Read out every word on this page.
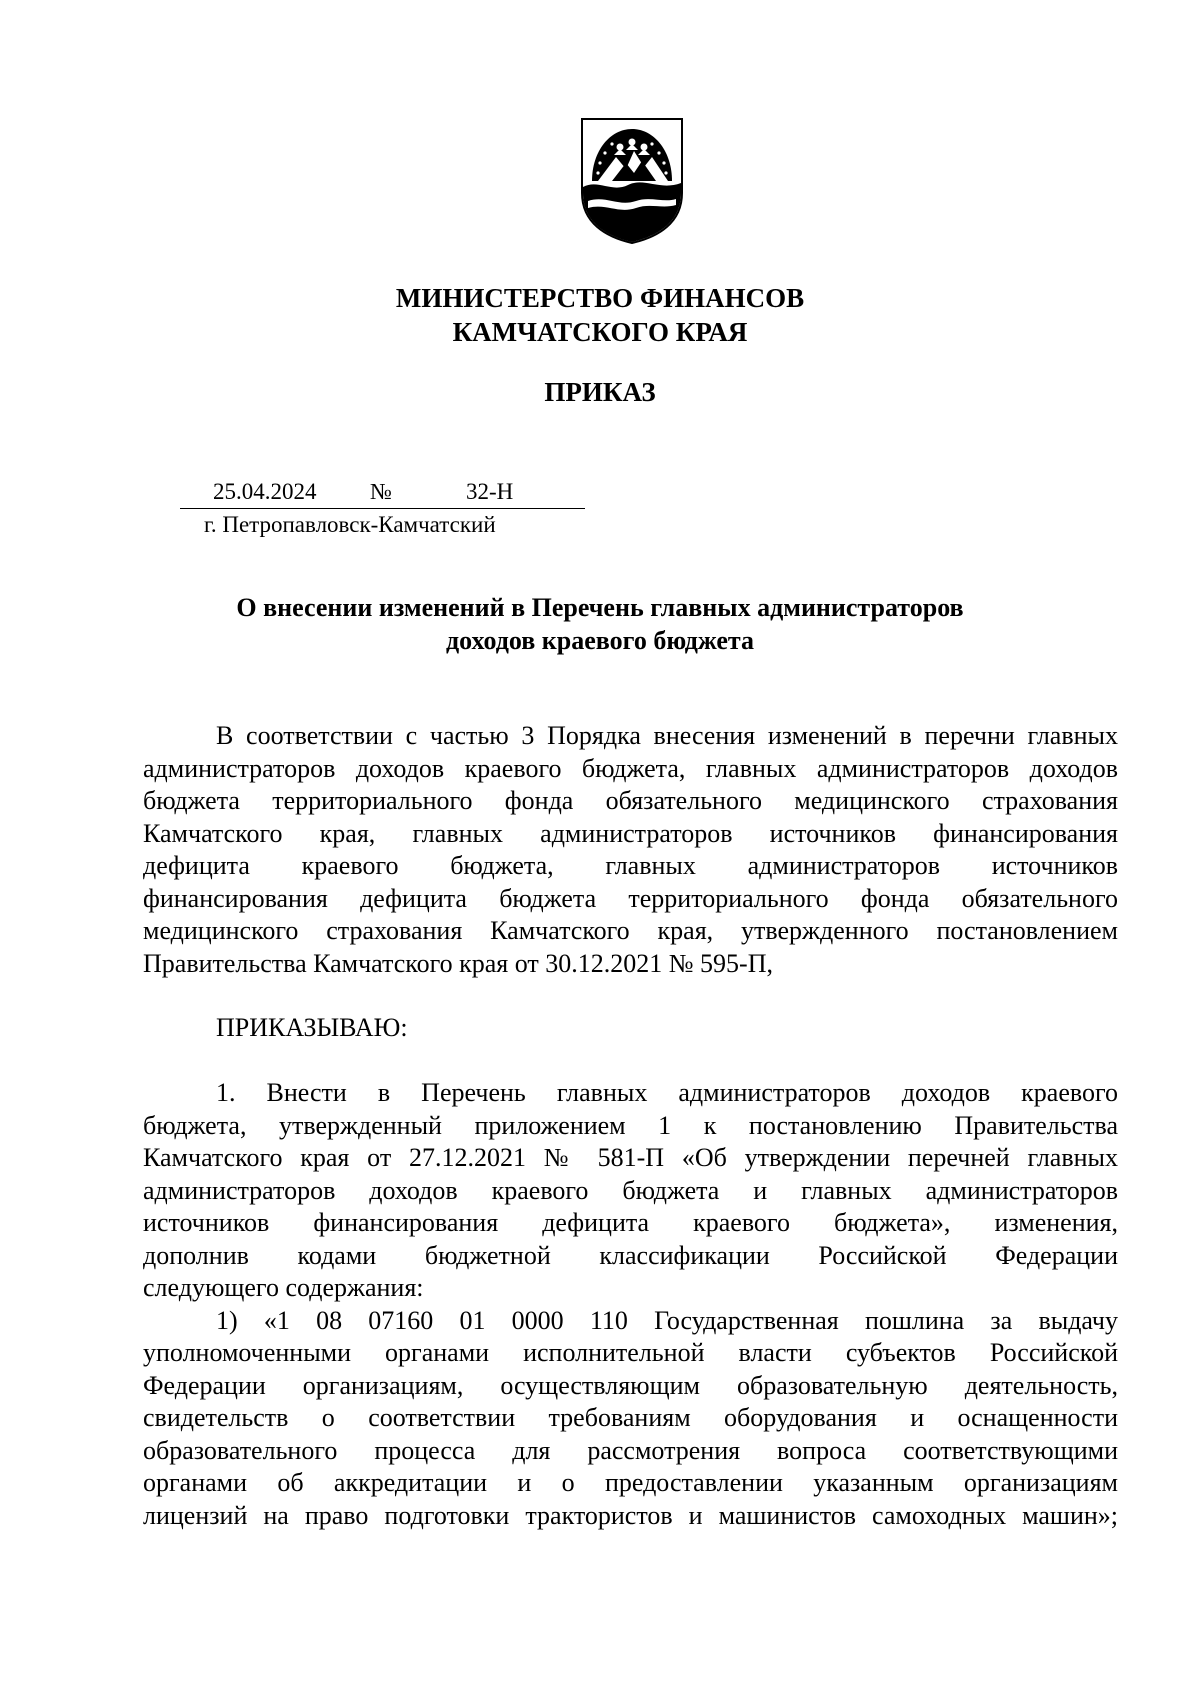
МИНИСТЕРСТВО ФИНАНСОВ
КАМЧАТСКОГО КРАЯ
ПРИКАЗ
25.04.2024 №	32-Н
г. Петропавловск-Камчатский
О внесении изменений в Перечень главных администраторов
доходов краевого бюджета
В соответствии с частью 3 Порядка внесения изменений в перечни главных
администраторов доходов краевого бюджета, главных администраторов доходов
бюджета территориального фонда обязательного медицинского страхования
Камчатского края, главных администраторов источников финансирования
дефицита краевого бюджета, главных администраторов источников
финансирования дефицита бюджета территориального фонда обязательного
медицинского страхования Камчатского края, утвержденного постановлением
Правительства Камчатского края от 30.12.2021 № 595-П,
ПРИКАЗЫВАЮ:
1. Внести в Перечень главных администраторов доходов краевого
бюджета, утвержденный приложением 1 к постановлению Правительства
Камчатского края от 27.12.2021 № 581-П «Об утверждении перечней главных
администраторов доходов краевого бюджета и главных администраторов
источников финансирования дефицита краевого бюджета», изменения,
дополнив кодами бюджетной классификации Российской Федерации
следующего содержания:
1) «1 08 07160 01 0000 110 Государственная пошлина за выдачу
уполномоченными органами исполнительной власти субъектов Российской
Федерации организациям, осуществляющим образовательную деятельность,
свидетельств о соответствии требованиям оборудования и оснащенности
образовательного процесса для рассмотрения вопроса соответствующими
органами об аккредитации и о предоставлении указанным организациям
лицензий на право подготовки трактористов и машинистов самоходных машин»;
